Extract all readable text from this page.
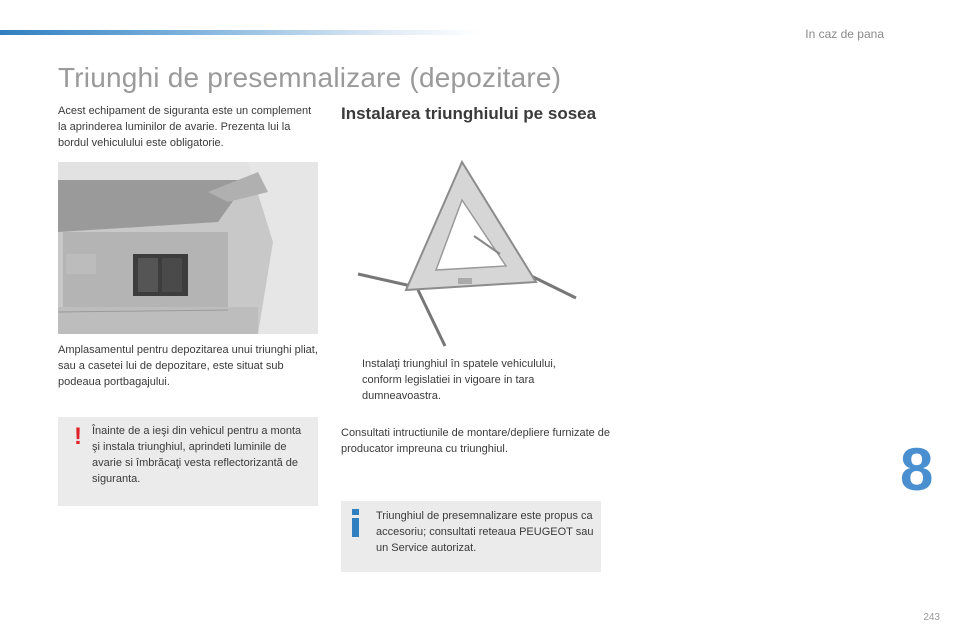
In caz de pana
Triunghi de presemnalizare (depozitare)

Acest echipament de siguranta este un complement la aprinderea luminilor de avarie. Prezenta lui la bordul vehiculului este obligatorie.

Amplasamentul pentru depozitarea unui triunghi pliat, sau a casetei lui de depozitare, este situat sub podeaua portbagajului.

! Înainte de a ieşi din vehicul pentru a monta şi instala triunghiul, aprindeti luminile de avarie si îmbrăcaţi vesta reflectorizantă de siguranta.
Instalarea triunghiului pe sosea
Instalaţi triunghiul în spatele vehiculului, conform legislatiei in vigoare in tara dumneavoastra.

Consultati intructiunile de montare/depliere furnizate de producator impreuna cu triunghiul.

Triunghiul de presemnalizare este propus ca accesoriu; consultati reteaua PEUGEOT sau un Service autorizat.
8
243
